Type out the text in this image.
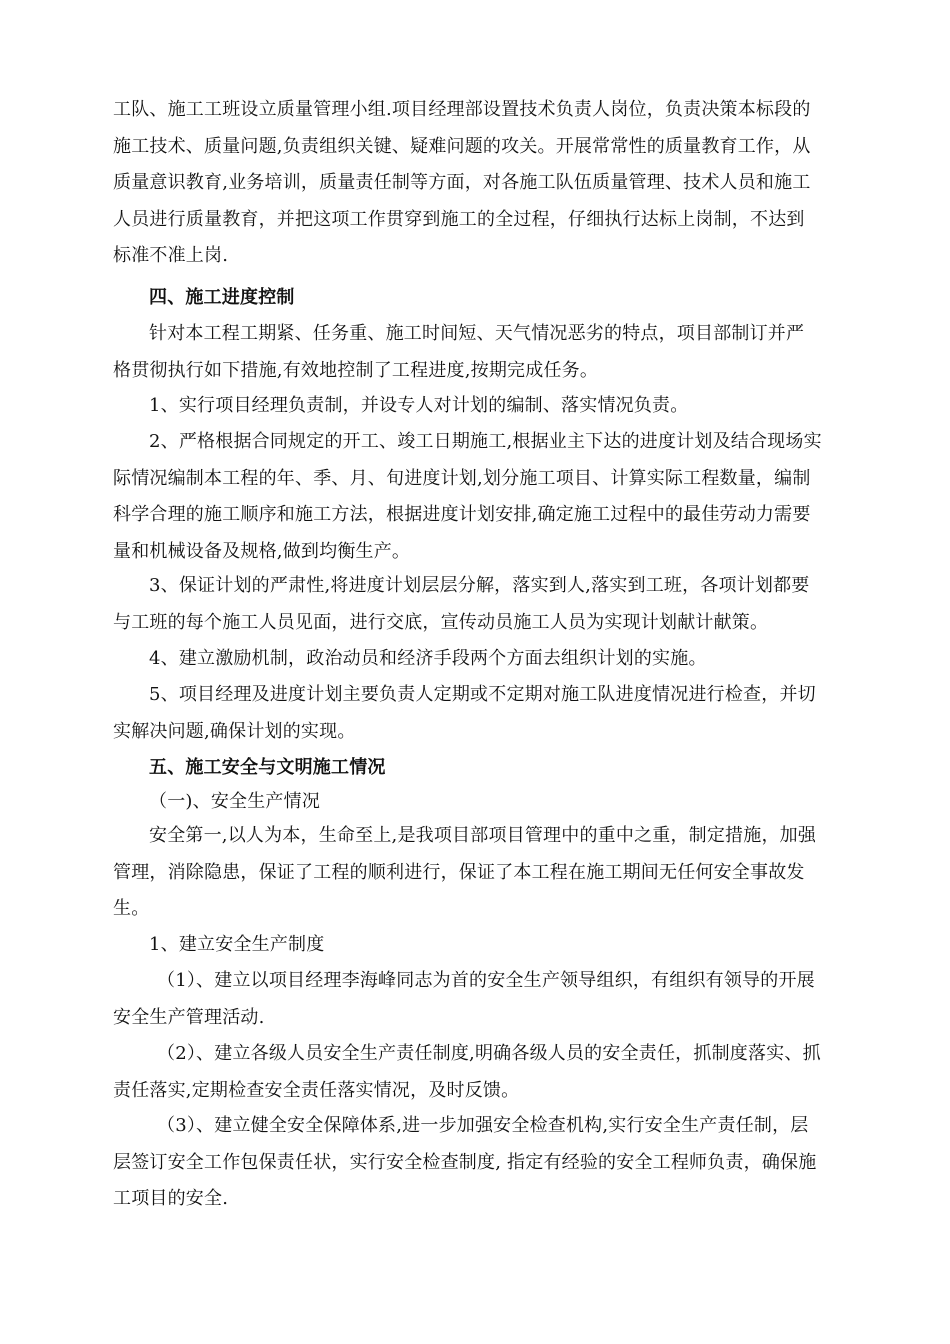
工队、施工工班设立质量管理小组.项目经理部设置技术负责人岗位，负责决策本标段的
施工技术、质量问题,负责组织关键、疑难问题的攻关。开展常常性的质量教育工作，从
质量意识教育,业务培训，质量责任制等方面，对各施工队伍质量管理、技术人员和施工
人员进行质量教育，并把这项工作贯穿到施工的全过程，仔细执行达标上岗制，不达到
标准不准上岗.
四、施工进度控制
针对本工程工期紧、任务重、施工时间短、天气情况恶劣的特点，项目部制订并严
格贯彻执行如下措施,有效地控制了工程进度,按期完成任务。
1、实行项目经理负责制，并设专人对计划的编制、落实情况负责。
2、严格根据合同规定的开工、竣工日期施工,根据业主下达的进度计划及结合现场实
际情况编制本工程的年、季、月、旬进度计划,划分施工项目、计算实际工程数量，编制
科学合理的施工顺序和施工方法，根据进度计划安排,确定施工过程中的最佳劳动力需要
量和机械设备及规格,做到均衡生产。
3、保证计划的严肃性,将进度计划层层分解，落实到人,落实到工班，各项计划都要
与工班的每个施工人员见面，进行交底，宣传动员施工人员为实现计划献计献策。
4、建立激励机制，政治动员和经济手段两个方面去组织计划的实施。
5、项目经理及进度计划主要负责人定期或不定期对施工队进度情况进行检查，并切
实解决问题,确保计划的实现。
五、施工安全与文明施工情况
（一)、安全生产情况
安全第一,以人为本，生命至上,是我项目部项目管理中的重中之重，制定措施，加强
管理，消除隐患，保证了工程的顺利进行，保证了本工程在施工期间无任何安全事故发
生。
1、建立安全生产制度
（1）、建立以项目经理李海峰同志为首的安全生产领导组织，有组织有领导的开展
安全生产管理活动.
（2）、建立各级人员安全生产责任制度,明确各级人员的安全责任，抓制度落实、抓
责任落实,定期检查安全责任落实情况，及时反馈。
（3）、建立健全安全保障体系,进一步加强安全检查机构,实行安全生产责任制，层
层签订安全工作包保责任状，实行安全检查制度, 指定有经验的安全工程师负责，确保施
工项目的安全.
